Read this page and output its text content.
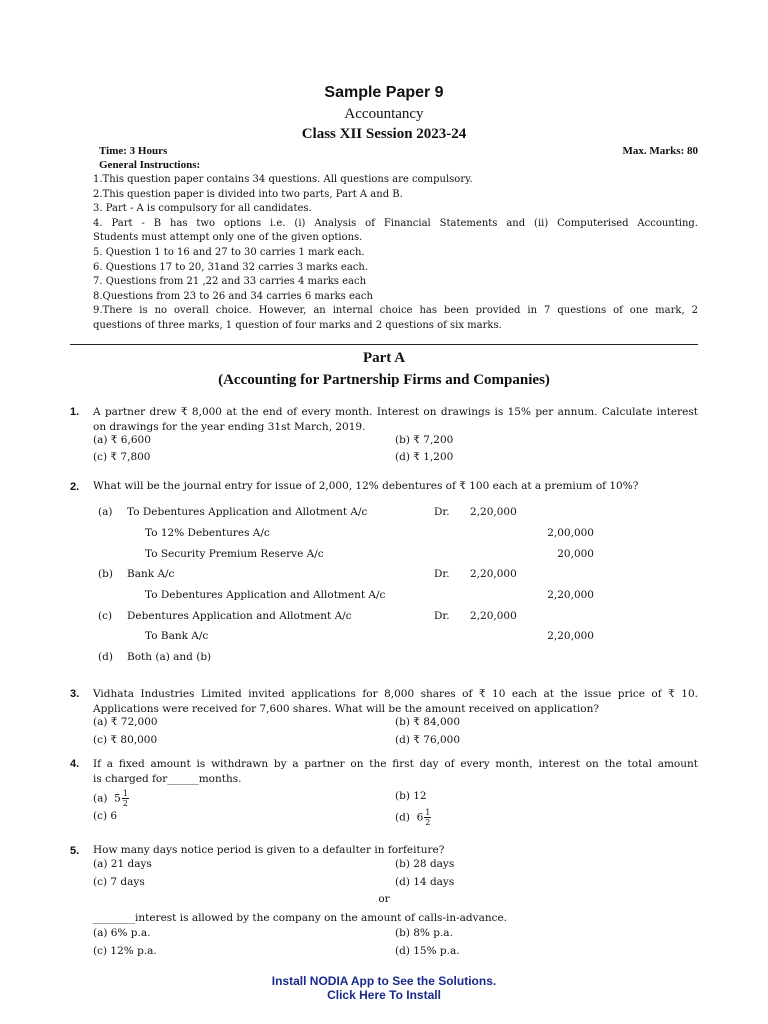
Sample Paper 9
Accountancy
Class XII Session 2023-24
Time: 3 Hours	Max. Marks: 80
General Instructions:
1.This question paper contains 34 questions. All questions are compulsory.
2.This question paper is divided into two parts, Part A and B.
3. Part - A is compulsory for all candidates.
4. Part - B has two options i.e. (i) Analysis of Financial Statements and (ii) Computerised Accounting.
Students must attempt only one of the given options.
5. Question 1 to 16 and 27 to 30 carries 1 mark each.
6. Questions 17 to 20, 31and 32 carries 3 marks each.
7. Questions from 21 ,22 and 33 carries 4 marks each
8.Questions from 23 to 26 and 34 carries 6 marks each
9.There is no overall choice. However, an internal choice has been provided in 7 questions of one mark, 2
questions of three marks, 1 question of four marks and 2 questions of six marks.
Part A
(Accounting for Partnership Firms and Companies)
1. A partner drew ₹ 8,000 at the end of every month. Interest on drawings is 15% per annum. Calculate interest
on drawings for the year ending 31st March, 2019.
(a) ₹ 6,600	(b) ₹ 7,200
(c) ₹ 7,800	(d) ₹ 1,200
2. What will be the journal entry for issue of 2,000, 12% debentures of ₹ 100 each at a premium of 10%?
(a) To Debentures Application and Allotment A/c	Dr. 2,20,000
To 12% Debentures A/c	2,00,000
To Security Premium Reserve A/c	20,000
(b) Bank A/c	Dr. 2,20,000
To Debentures Application and Allotment A/c	2,20,000
(c) Debentures Application and Allotment A/c	Dr. 2,20,000
To Bank A/c	2,20,000
(d) Both (a) and (b)
3. Vidhata Industries Limited invited applications for 8,000 shares of ₹ 10 each at the issue price of ₹ 10.
Applications were received for 7,600 shares. What will be the amount received on application?
(a) ₹ 72,000	(b) ₹ 84,000
(c) ₹ 80,000	(d) ₹ 76,000
4. If a fixed amount is withdrawn by a partner on the first day of every month, interest on the total amount
is charged for______months.
(a) $5 \frac{1}{2}$	(b) 12
(c) 6	(d) $6 \frac{1}{2}$
5. How many days notice period is given to a defaulter in forfeiture?
(a) 21 days	(b) 28 days
(c) 7 days	(d) 14 days
or
________interest is allowed by the company on the amount of calls-in-advance.
(a) 6% p.a.	(b) 8% p.a.
(c) 12% p.a.	(d) 15% p.a.
Install NODIA App to See the Solutions.
Click Here To Install
